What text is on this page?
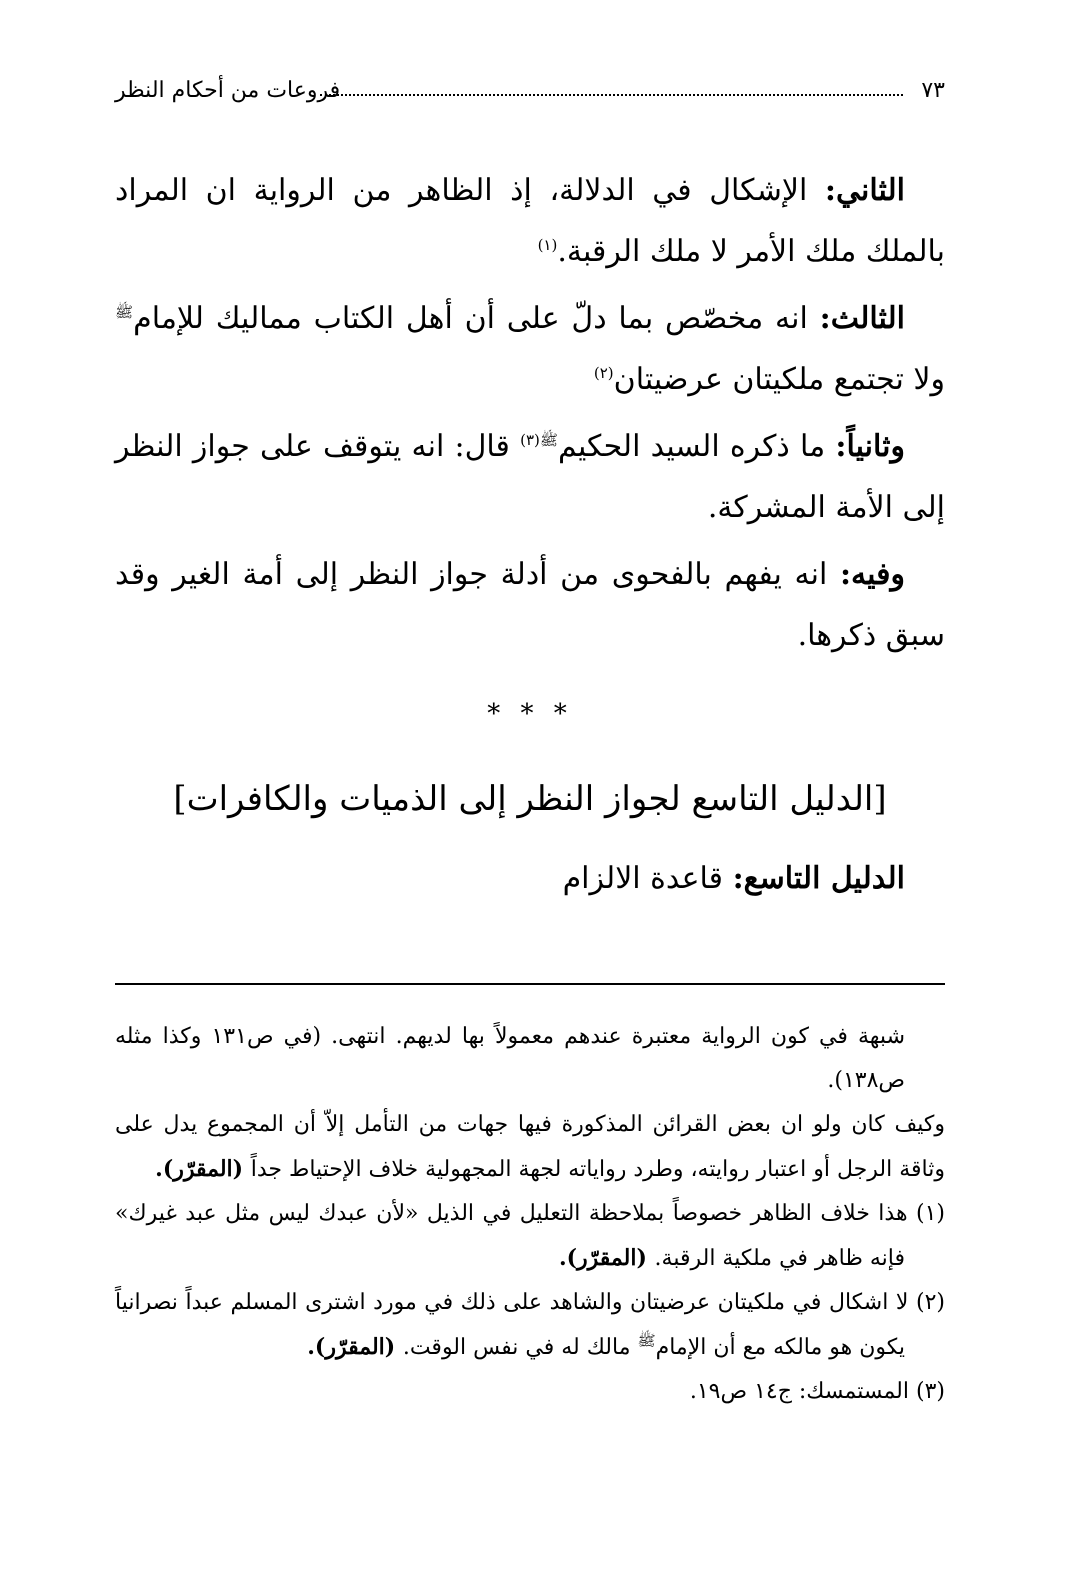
٧٣
فروعات من أحكام النظر

الثاني: الإشكال في الدلالة، إذ الظاهر من الرواية ان المراد بالملك ملك الأمر لا ملك الرقبة.$^{(١)}$

الثالث: انه مخصّص بما دلّ على أن أهل الكتاب مماليك للإمام$^ﷺ$ ولا تجتمع ملكيتان عرضيتان$^{(٢)}$

وثانياً: ما ذكره السيد الحكيم$^{ﷺ(٣)}$ قال: انه يتوقف على جواز النظر إلى الأمة المشركة.

وفيه: انه يفهم بالفحوى من أدلة جواز النظر إلى أمة الغير وقد سبق ذكرها.

* * *
[الدليل التاسع لجواز النظر إلى الذميات والكافرات]

الدليل التاسع: قاعدة الالزام

شبهة في كون الرواية معتبرة عندهم معمولاً بها لديهم. انتهى. (في ص١٣١ وكذا مثله ص١٣٨).

وكيف كان ولو ان بعض القرائن المذكورة فيها جهات من التأمل إلاّ أن المجموع يدل على وثاقة الرجل أو اعتبار روايته، وطرد رواياته لجهة المجهولية خلاف الإحتياط جداً (المقرّر).

(١) هذا خلاف الظاهر خصوصاً بملاحظة التعليل في الذيل «لأن عبدك ليس مثل عبد غيرك» فإنه ظاهر في ملكية الرقبة. (المقرّر).

(٢) لا اشكال في ملكيتان عرضيتان والشاهد على ذلك في مورد اشترى المسلم عبداً نصرانياً يكون هو مالكه مع أن الإمام$^ﷺ$ مالك له في نفس الوقت. (المقرّر).

(٣) المستمسك: ج١٤ ص١٩.
